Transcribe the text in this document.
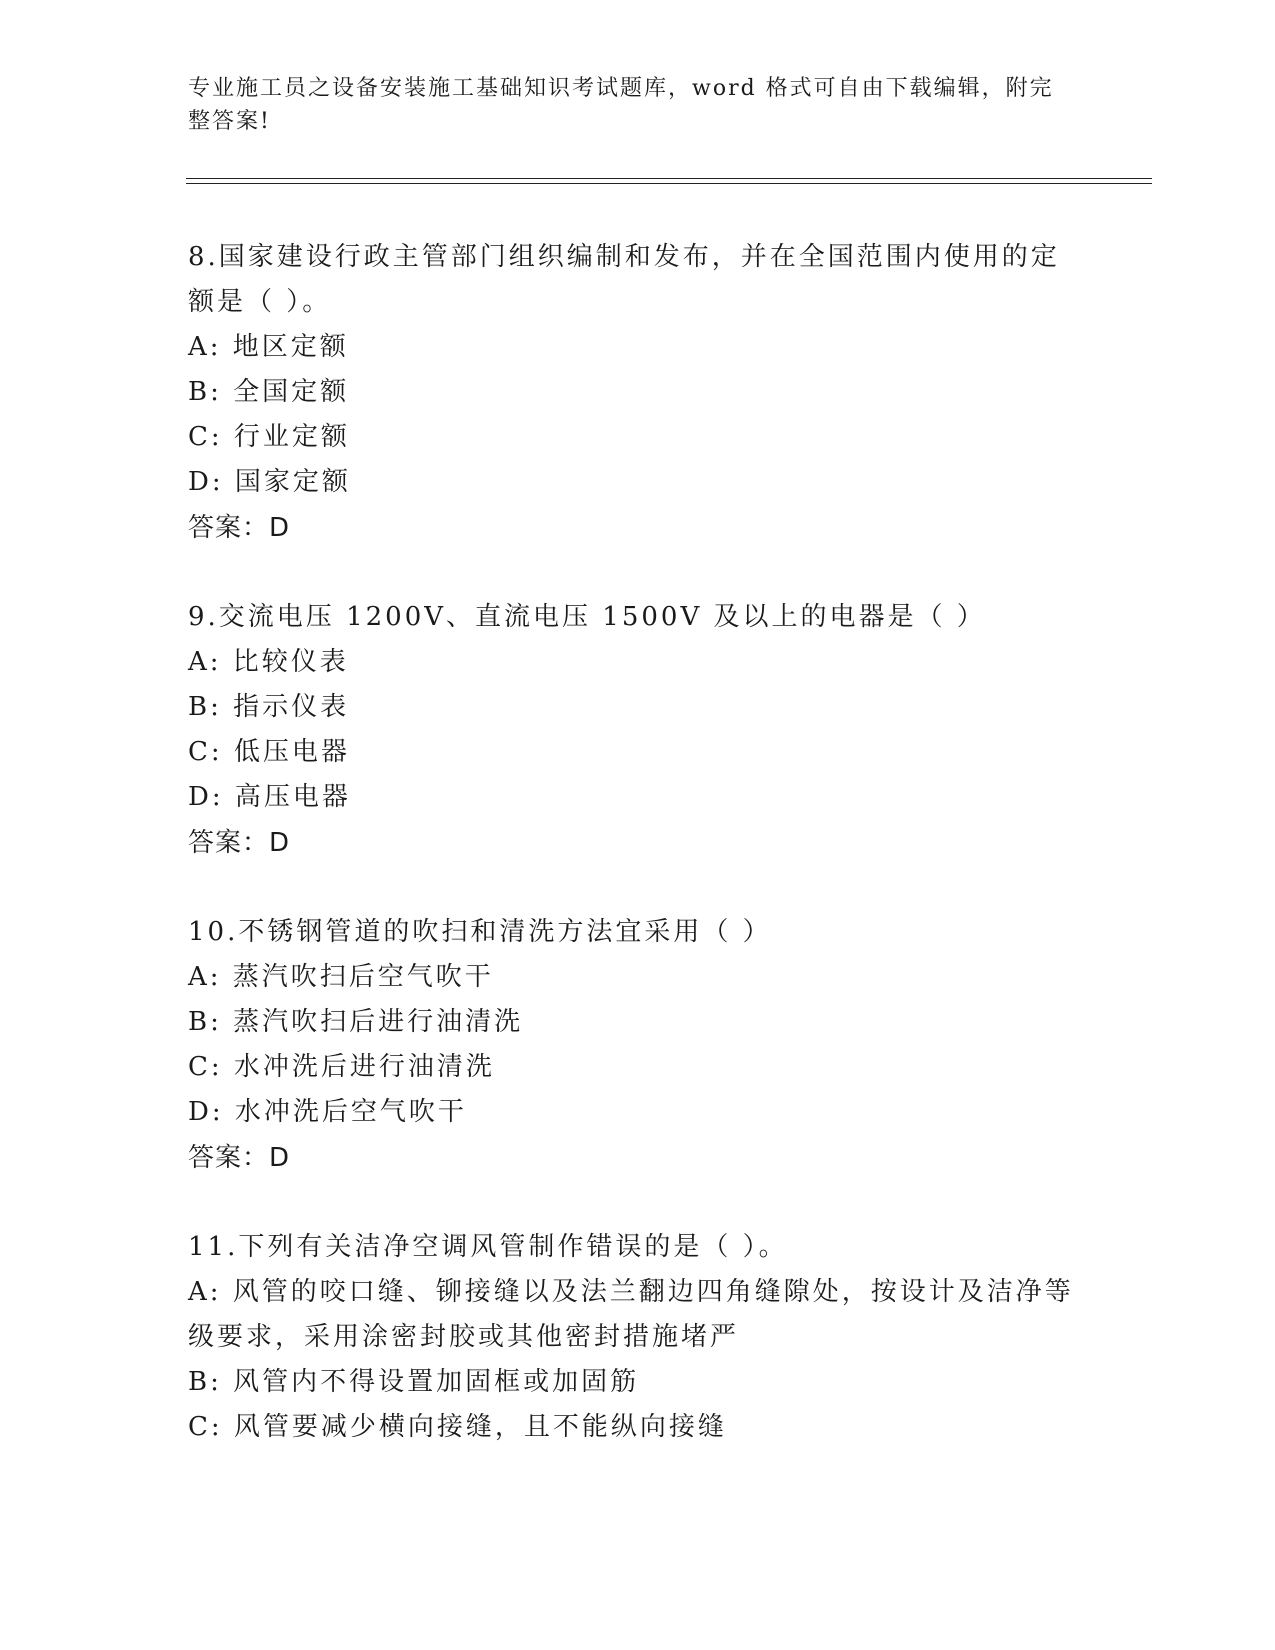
专业施工员之设备安装施工基础知识考试题库，word 格式可自由下载编辑，附完整答案!

8.国家建设行政主管部门组织编制和发布，并在全国范围内使用的定额是（ ）。

A: 地区定额

B: 全国定额

C: 行业定额

D: 国家定额

答案：D

9.交流电压 1200V、直流电压 1500V 及以上的电器是（ ）

A: 比较仪表

B: 指示仪表

C: 低压电器

D: 高压电器

答案：D

10.不锈钢管道的吹扫和清洗方法宜采用（ ）

A: 蒸汽吹扫后空气吹干

B: 蒸汽吹扫后进行油清洗

C: 水冲洗后进行油清洗

D: 水冲洗后空气吹干

答案：D

11.下列有关洁净空调风管制作错误的是（ ）。

A: 风管的咬口缝、铆接缝以及法兰翻边四角缝隙处，按设计及洁净等级要求，采用涂密封胶或其他密封措施堵严

B: 风管内不得设置加固框或加固筋

C: 风管要减少横向接缝，且不能纵向接缝
